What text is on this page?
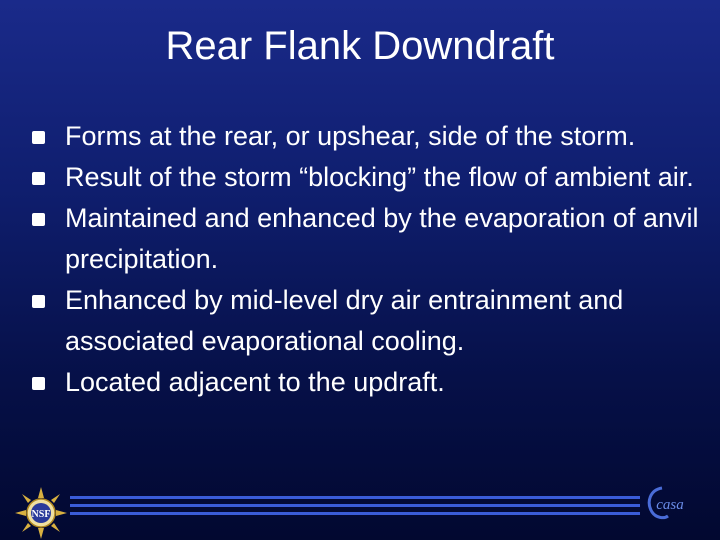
Rear Flank Downdraft
Forms at the rear, or upshear, side of the storm.
Result of the storm “blocking” the flow of ambient air.
Maintained and enhanced by the evaporation of anvil precipitation.
Enhanced by mid-level dry air entrainment and associated evaporational cooling.
Located adjacent to the updraft.
NSF
casa
